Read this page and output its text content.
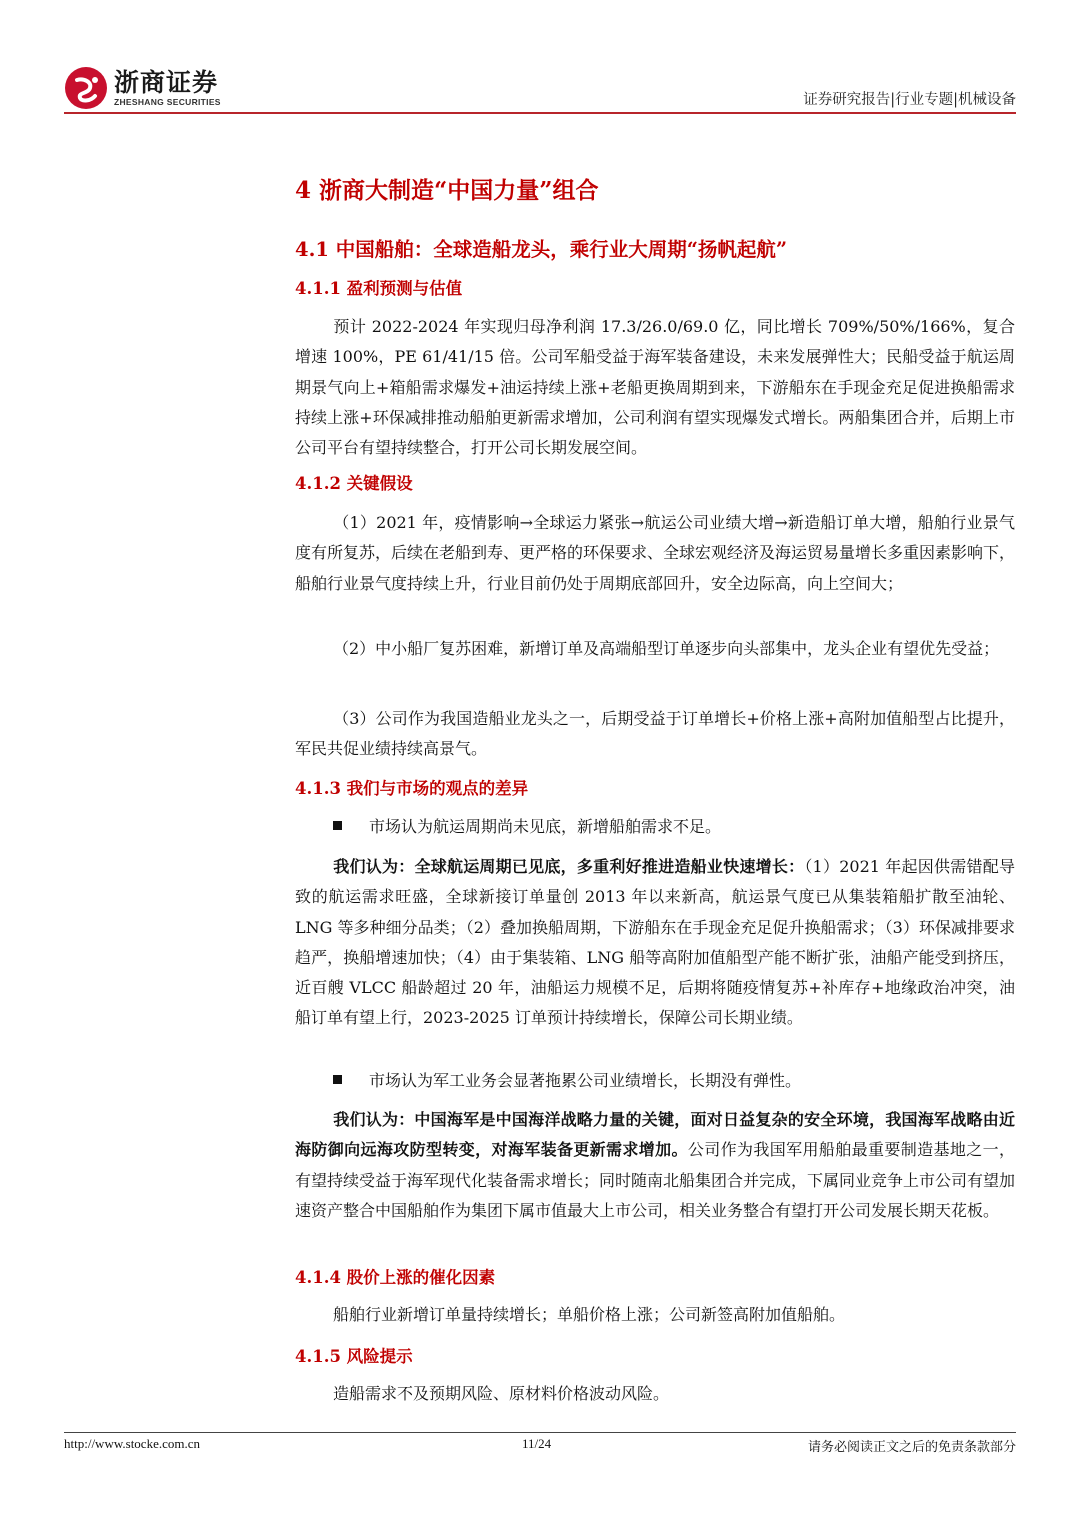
浙商证券
ZHESHANG SECURITIES	证券研究报告|行业专题|机械设备
4 浙商大制造“中国力量”组合
4.1 中国船舶：全球造船龙头，乘行业大周期“扬帆起航”
4.1.1 盈利预测与估值
预计 2022-2024 年实现归母净利润 17.3/26.0/69.0 亿，同比增长 709%/50%/166%，复合增速 100%，PE 61/41/15 倍。公司军船受益于海军装备建设，未来发展弹性大；民船受益于航运周期景气向上+箱船需求爆发+油运持续上涨+老船更换周期到来，下游船东在手现金充足促进换船需求持续上涨+环保减排推动船舶更新需求增加，公司利润有望实现爆发式增长。两船集团合并，后期上市公司平台有望持续整合，打开公司长期发展空间。
4.1.2 关键假设
（1）2021 年，疫情影响→全球运力紧张→航运公司业绩大增→新造船订单大增，船舶行业景气度有所复苏，后续在老船到寿、更严格的环保要求、全球宏观经济及海运贸易量增长多重因素影响下，船舶行业景气度持续上升，行业目前仍处于周期底部回升，安全边际高，向上空间大；
（2）中小船厂复苏困难，新增订单及高端船型订单逐步向头部集中，龙头企业有望优先受益；
（3）公司作为我国造船业龙头之一，后期受益于订单增长+价格上涨+高附加值船型占比提升，军民共促业绩持续高景气。
4.1.3 我们与市场的观点的差异
市场认为航运周期尚未见底，新增船舶需求不足。
我们认为：全球航运周期已见底，多重利好推进造船业快速增长：（1）2021 年起因供需错配导致的航运需求旺盛，全球新接订单量创 2013 年以来新高，航运景气度已从集装箱船扩散至油轮、LNG 等多种细分品类；（2）叠加换船周期，下游船东在手现金充足促升换船需求；（3）环保减排要求趋严，换船增速加快；（4）由于集装箱、LNG 船等高附加值船型产能不断扩张，油船产能受到挤压，近百艘 VLCC 船龄超过 20 年，油船运力规模不足，后期将随疫情复苏+补库存+地缘政治冲突，油船订单有望上行，2023-2025 订单预计持续增长，保障公司长期业绩。
市场认为军工业务会显著拖累公司业绩增长，长期没有弹性。
我们认为：中国海军是中国海洋战略力量的关键，面对日益复杂的安全环境，我国海军战略由近海防御向远海攻防型转变，对海军装备更新需求增加。公司作为我国军用船舶最重要制造基地之一，有望持续受益于海军现代化装备需求增长；同时随南北船集团合并完成，下属同业竞争上市公司有望加速资产整合中国船舶作为集团下属市值最大上市公司，相关业务整合有望打开公司发展长期天花板。
4.1.4 股价上涨的催化因素
船舶行业新增订单量持续增长；单船价格上涨；公司新签高附加值船舶。
4.1.5 风险提示
造船需求不及预期风险、原材料价格波动风险。
http://www.stocke.com.cn	11/24	请务必阅读正文之后的免责条款部分
